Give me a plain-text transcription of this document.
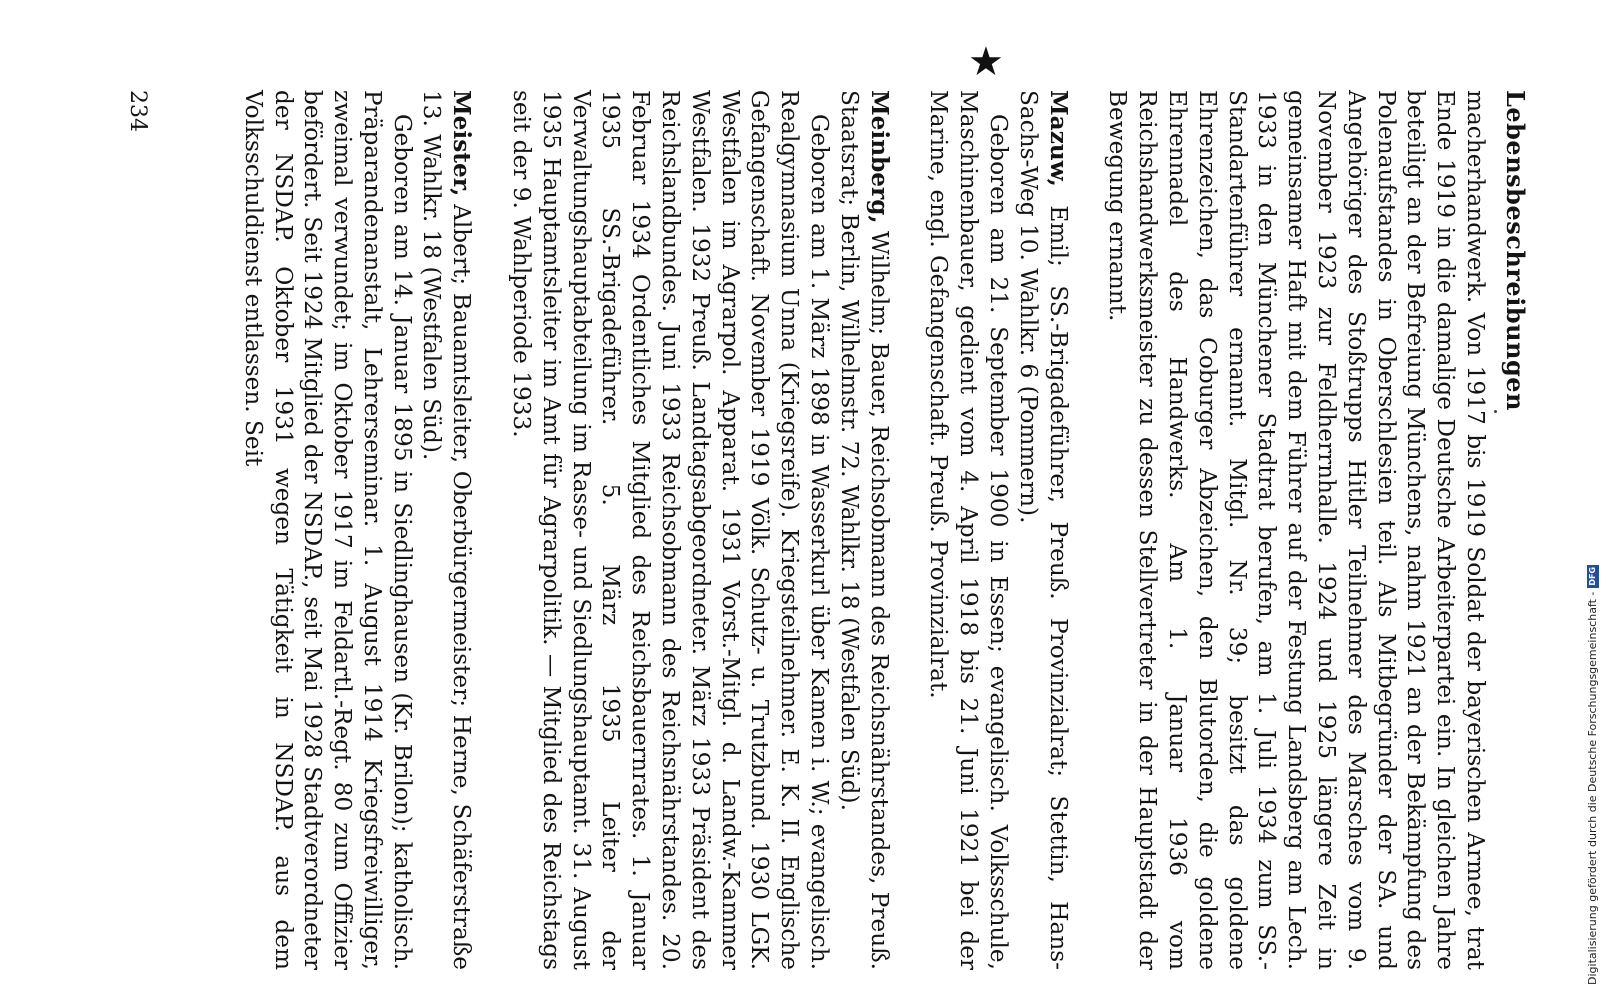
Lebensbeschreibungen

macherhandwerk. Von 1917 bis 1919 Soldat der bayerischen Armee, trat Ende 1919 in die damalige Deutsche Arbeiterpartei ein. In gleichen Jahre beteiligt an der Befreiung Münchens, nahm 1921 an der Bekämpfung des Polenaufstandes in Oberschlesien teil. Als Mitbegründer der SA. und Angehöriger des Stoßtrupps Hitler Teilnehmer des Marsches vom 9. November 1923 zur Feldherrnhalle. 1924 und 1925 längere Zeit in gemeinsamer Haft mit dem Führer auf der Festung Landsberg am Lech. 1933 in den Münchener Stadtrat berufen, am 1. Juli 1934 zum SS.-Standartenführer ernannt. Mitgl. Nr. 39; besitzt das goldene Ehrenzeichen, das Coburger Abzeichen, den Blutorden, die goldene Ehrennadel des Handwerks. Am 1. Januar 1936 vom Reichshandwerksmeister zu dessen Stellvertreter in der Hauptstadt der Bewegung ernannt.

Mazuw, Emil; SS.-Brigadeführer, Preuß. Provinzialrat; Stettin, Hans-Sachs-Weg 10. Wahlkr. 6 (Pommern).

Geboren am 21. September 1900 in Essen; evangelisch. Volksschule, Maschinenbauer, gedient vom 4. April 1918 bis 21. Juni 1921 bei der Marine, engl. Gefangenschaft. Preuß. Provinzialrat.

Meinberg, Wilhelm; Bauer, Reichsobmann des Reichsnährstandes, Preuß. Staatsrat; Berlin, Wilhelmstr. 72. Wahlkr. 18 (Westfalen Süd).

Geboren am 1. März 1898 in Wasserkurl über Kamen i. W.; evangelisch. Realgymnasium Unna (Kriegsreife). Kriegsteilnehmer. E. K. II. Englische Gefangenschaft. November 1919 Völk. Schutz- u. Trutzbund. 1930 LGK. Westfalen im Agrarpol. Apparat. 1931 Vorst.-Mitgl. d. Landw.-Kammer Westfalen. 1932 Preuß. Landtagsabgeordneter. März 1933 Präsident des Reichslandbundes. Juni 1933 Reichsobmann des Reichsnährstandes. 20. Februar 1934 Ordentliches Mitglied des Reichsbauernrates. 1. Januar 1935 SS.-Brigadeführer. 5. März 1935 Leiter der Verwaltungshauptabteilung im Rasse- und Siedlungshauptamt. 31. August 1935 Hauptamtsleiter im Amt für Agrarpolitik. — Mitglied des Reichstags seit der 9. Wahlperiode 1933.

Meister, Albert; Bauamtsleiter, Oberbürgermeister; Herne, Schäferstraße 13. Wahlkr. 18 (Westfalen Süd).

Geboren am 14. Januar 1895 in Siedlinghausen (Kr. Brilon); katholisch. Präparandenanstalt, Lehrerseminar. 1. August 1914 Kriegsfreiwilliger, zweimal verwundet; im Oktober 1917 im Feldartl.-Regt. 80 zum Offizier befördert. Seit 1924 Mitglied der NSDAP., seit Mai 1928 Stadtverordneter der NSDAP. Oktober 1931 wegen Tätigkeit in NSDAP. aus dem Volksschuldienst entlassen. Seit

234
★
Digitalisierung gefördert durch die Deutsche Forschungsgemeinschaft -
DFG
